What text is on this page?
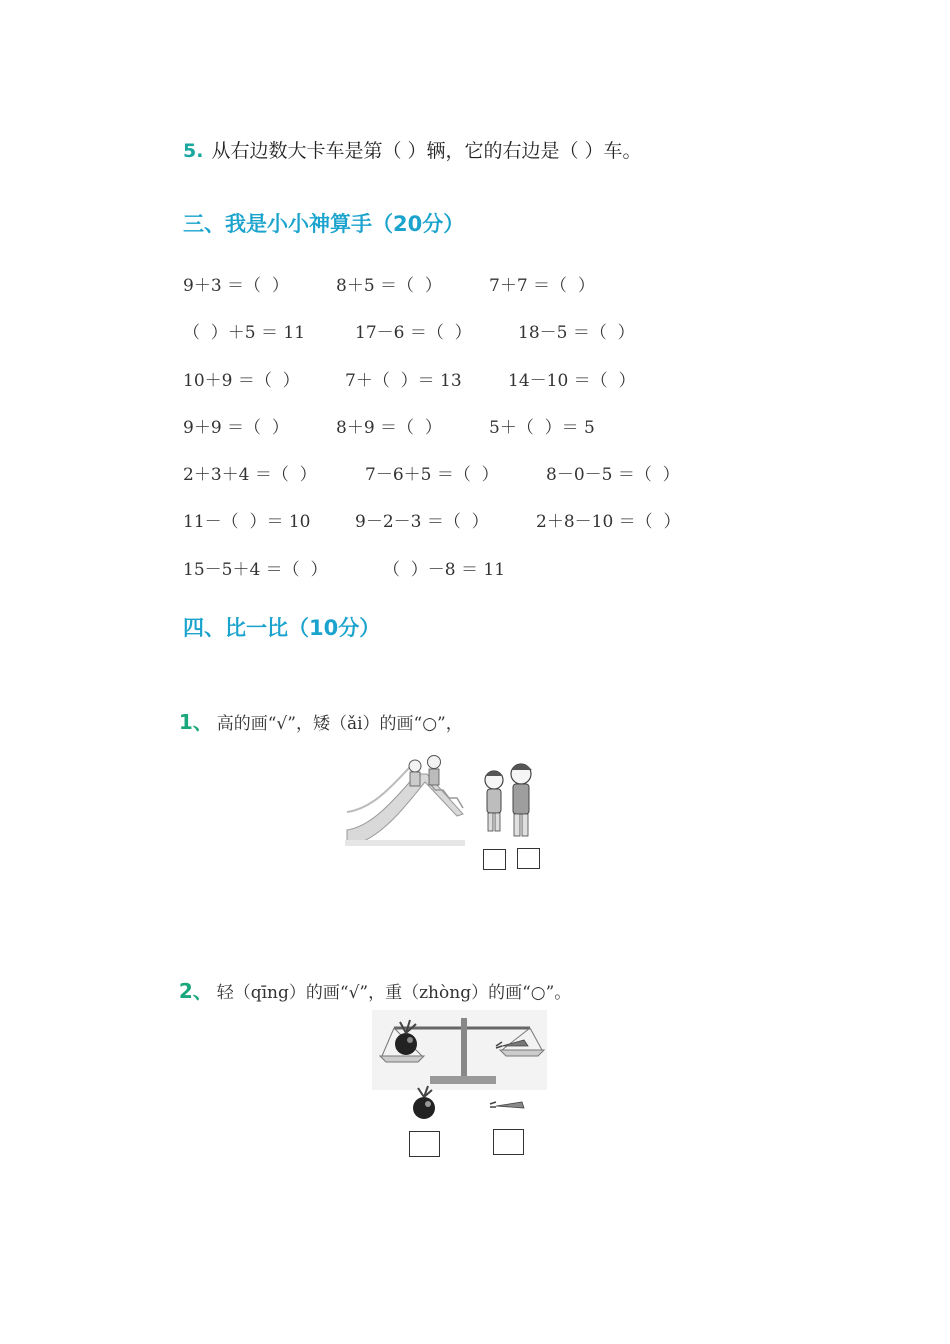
5. 从右边数大卡车是第（ ）辆，它的右边是（ ）车。
三、我是小小神算手（20分）
9＋3 ＝（  ）	8＋5 ＝（  ）	7＋7 ＝（  ）
（  ）＋5 ＝ 11	17－6 ＝（  ）	18－5 ＝（  ）
10＋9 ＝（  ）	7＋（  ）＝ 13	14－10 ＝（  ）
9＋9 ＝（  ）	8＋9 ＝（  ）	5＋（  ）＝ 5
2＋3＋4 ＝（  ）	7－6＋5 ＝（  ）	8－0－5 ＝（  ）
11－（  ）＝ 10	9－2－3 ＝（  ）	2＋8－10 ＝（  ）
15－5＋4 ＝（  ）	（  ）－8 ＝ 11
四、比一比（10分）

1、 高的画“√”，矮（ǎi）的画“○”，

2、 轻（qīng）的画“√”，重（zhòng）的画“○”。
